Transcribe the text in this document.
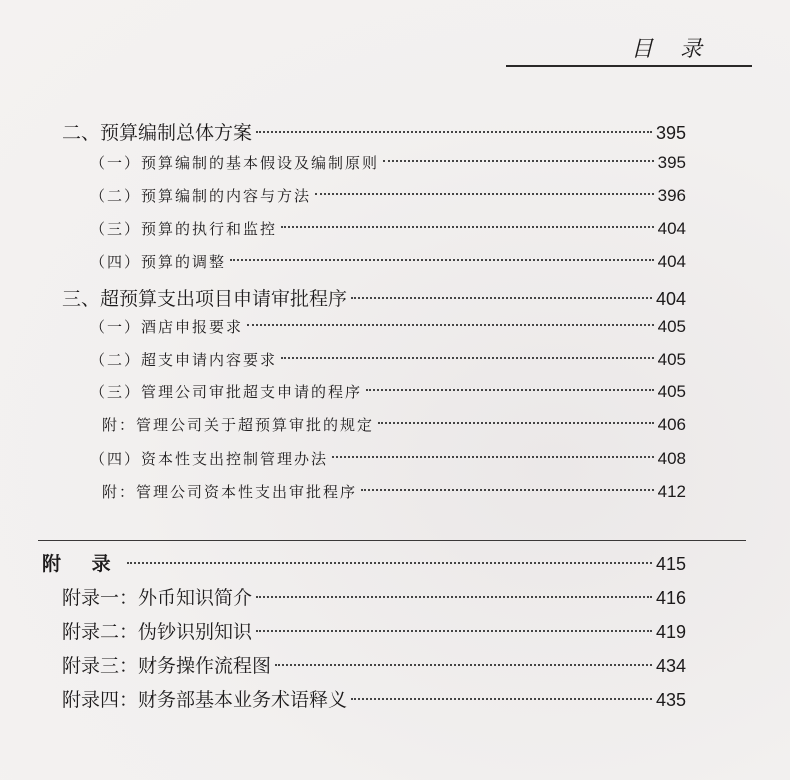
目 录
二、预算编制总体方案	395
（一）预算编制的基本假设及编制原则	395
（二）预算编制的内容与方法	396
（三）预算的执行和监控	404
（四）预算的调整	404
三、超预算支出项目申请审批程序	404
（一）酒店申报要求	405
（二）超支申请内容要求	405
（三）管理公司审批超支申请的程序	405
附：管理公司关于超预算审批的规定	406
（四）资本性支出控制管理办法	408
附：管理公司资本性支出审批程序	412
附 录	415
附录一：外币知识简介	416
附录二：伪钞识别知识	419
附录三：财务操作流程图	434
附录四：财务部基本业务术语释义	435
